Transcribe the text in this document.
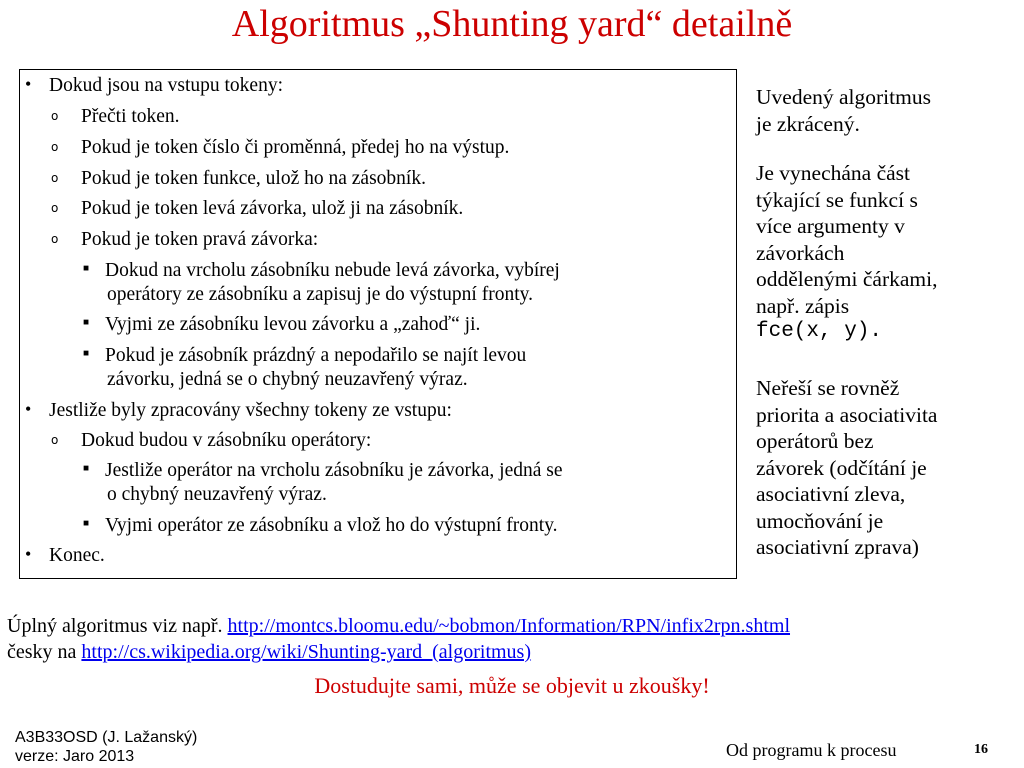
Algoritmus „Shunting yard“ detailně
• Dokud jsou na vstupu tokeny:
o Přečti token.
o Pokud je token číslo či proměnná, předej ho na výstup.
o Pokud je token funkce, ulož ho na zásobník.
o Pokud je token levá závorka, ulož ji na zásobník.
o Pokud je token pravá závorka:
■ Dokud na vrcholu zásobníku nebude levá závorka, vybírej
operátory ze zásobníku a zapisuj je do výstupní fronty.
■ Vyjmi ze zásobníku levou závorku a „zahoď“ ji.
■ Pokud je zásobník prázdný a nepodařilo se najít levou
závorku, jedná se o chybný neuzavřený výraz.
• Jestliže byly zpracovány všechny tokeny ze vstupu:
o Dokud budou v zásobníku operátory:
■ Jestliže operátor na vrcholu zásobníku je závorka, jedná se
o chybný neuzavřený výraz.
■ Vyjmi operátor ze zásobníku a vlož ho do výstupní fronty.
• Konec.
Uvedený algoritmus
je zkrácený.
Je vynechána část
týkající se funkcí s
více argumenty v
závorkách
oddělenými čárkami,
např. zápis
fce(x, y).
Neřeší se rovněž
priorita a asociativita
operátorů bez
závorek (odčítání je
asociativní zleva,
umocňování je
asociativní zprava)
Úplný algoritmus viz např. http://montcs.bloomu.edu/~bobmon/Information/RPN/infix2rpn.shtml
česky na http://cs.wikipedia.org/wiki/Shunting-yard_(algoritmus)
Dostudujte sami, může se objevit u zkoušky!
A3B33OSD (J. Lažanský)
verze: Jaro 2013	Od programu k procesu	16
